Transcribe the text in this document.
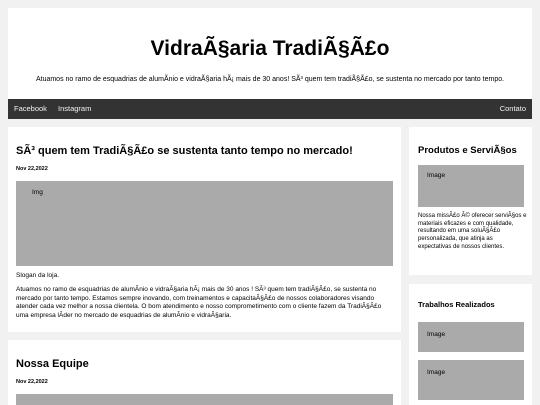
VidraÃ§aria TradiÃ§Ã£o
Atuamos no ramo de esquadrias de alumÃnio e vidraÃ§aria hÃ¡ mais de 30 anos! SÃ³ quem tem tradiÃ§Ã£o, se sustenta no mercado por tanto tempo.
Facebook Instagram	Contato
SÃ³ quem tem TradiÃ§Ã£o se sustenta tanto tempo no mercado!
Nov 22,2022
Img
Slogan da loja.
Atuamos no ramo de esquadrias de alumÃnio e vidraÃ§aria hÃ¡ mais de 30 anos ! SÃ³ quem tem tradiÃ§Ã£o, se sustenta no mercado por tanto tempo. Estamos sempre inovando, com treinamentos e capacitaÃ§Ã£o de nossos colaboradores visando atender cada vez melhor a nossa clientela. O bom atendimento e nosso comprometimento com o cliente fazem da TradiÃ§Ã£o uma empresa lÃder no mercado de esquadrias de alumÃnio e vidraÃ§aria.
Nossa Equipe
Nov 22,2022
Produtos e ServiÃ§os
Image
Nossa missÃ£o Ã© oferecer serviÃ§os e materiais eficazes e com qualidade, resultando em uma soluÃ§Ã£o personalizada, que atinja as expectativas de nossos clientes.
Trabalhos Realizados
Image
Image
